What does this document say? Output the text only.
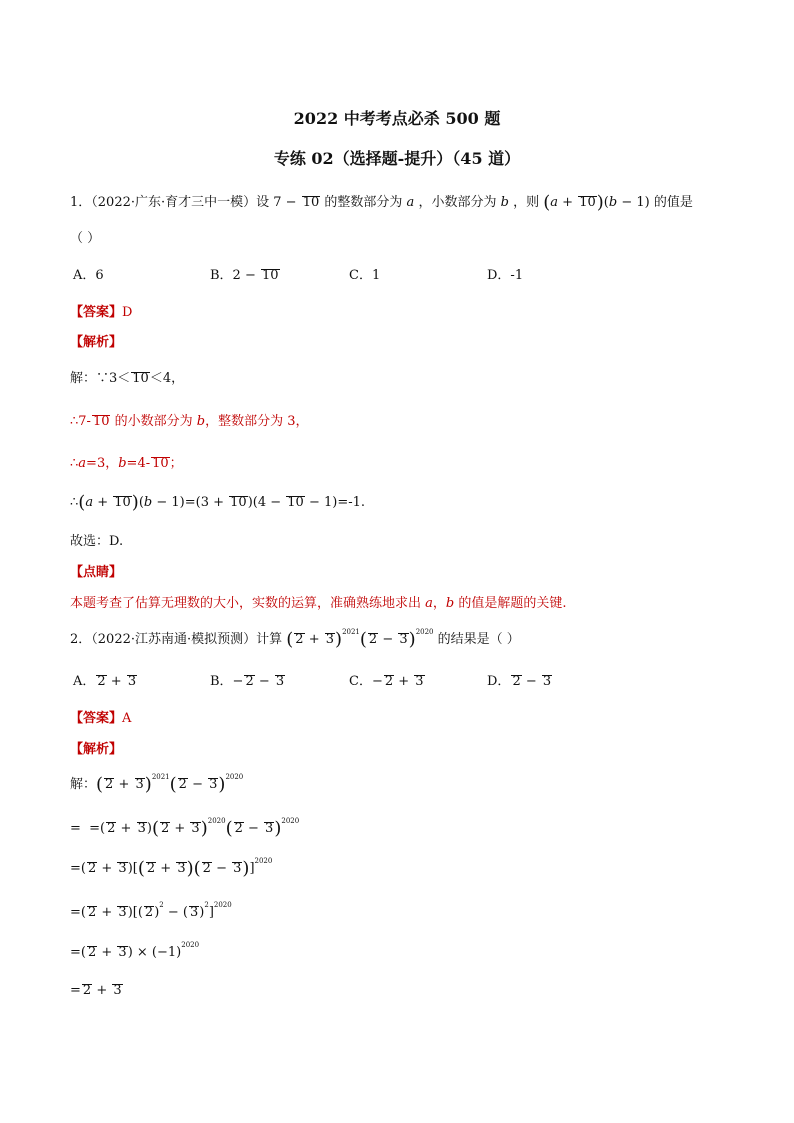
2022 中考考点必杀 500 题
专练 02（选择题-提升）（45 道）
1．（2022·广东·育才三中一模）设 7 − 10 的整数部分为 a ，小数部分为 b ，则 (a + 10)(b − 1) 的值是
（ ）
A．6	B．2 − 10	C．1	D．-1
【答案】D
【解析】
解：∵3＜ 10＜4，
∴7- 10 的小数部分为 b，整数部分为 3，
∴a=3，b=4- 10；
∴(a + 10)(b − 1)=(3 + 10)(4 − 10 − 1)=-1.
故选：D.
【点睛】
本题考查了估算无理数的大小，实数的运算，准确熟练地求出 a，b 的值是解题的关键.
2．（2022·江苏南通·模拟预测）计算 ( 2 + 3)$^{2021}$( 2 − 3)$^{2020}$ 的结果是（ ）
A． 2 + 3	B．− 2 − 3	C．− 2 + 3	D． 2 − 3
【答案】A
【解析】
解：( 2 + 3)$^{2021}$( 2 − 3)$^{2020}$
=  =( 2 + 3)( 2 + 3)$^{2020}$( 2 − 3)$^{2020}$
=( 2 + 3)[( 2 + 3)( 2 − 3)]$^{2020}$
=( 2 + 3)[( 2)$^2$ − ( 3)$^2$]$^{2020}$
=( $2 + 3) \times (-1)^{2020}$
= 2 + 3
